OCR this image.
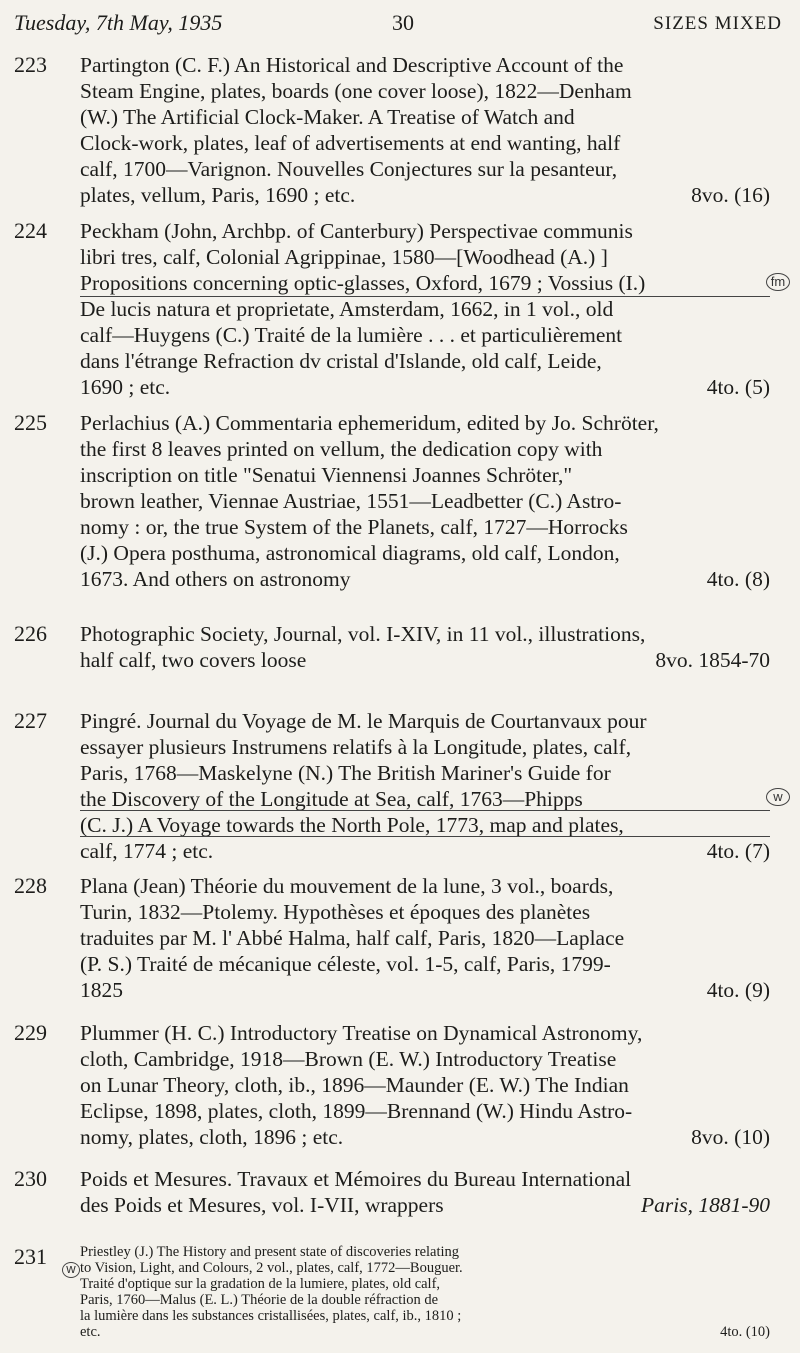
Tuesday, 7th May, 1935	30	SIZES MIXED
223 Partington (C. F.) An Historical and Descriptive Account of the
Steam Engine, plates, boards (one cover loose), 1822—Denham
(W.) The Artificial Clock-Maker. A Treatise of Watch and
Clock-work, plates, leaf of advertisements at end wanting, half
calf, 1700—Varignon. Nouvelles Conjectures sur la pesanteur,
plates, vellum, Paris, 1690 ; etc.	8vo. (16)
224 Peckham (John, Archbp. of Canterbury) Perspectivae communis
libri tres, calf, Colonial Agrippinae, 1580—[Woodhead (A.) ]
Propositions concerning optic-glasses, Oxford, 1679 ; Vossius (I.)
De lucis natura et proprietate, Amsterdam, 1662, in 1 vol., old
calf—Huygens (C.) Traité de la lumière . . . et particulièrement
dans l'étrange Refraction dv cristal d'Islande, old calf, Leide,
1690 ; etc.	4to. (5)
fm
225 Perlachius (A.) Commentaria ephemeridum, edited by Jo. Schröter,
the first 8 leaves printed on vellum, the dedication copy with
inscription on title "Senatui Viennensi Joannes Schröter,"
brown leather, Viennae Austriae, 1551—Leadbetter (C.) Astro-
nomy : or, the true System of the Planets, calf, 1727—Horrocks
(J.) Opera posthuma, astronomical diagrams, old calf, London,
1673. And others on astronomy	4to. (8)
226 Photographic Society, Journal, vol. I-XIV, in 11 vol., illustrations,
half calf, two covers loose	8vo. 1854-70
227 Pingré. Journal du Voyage de M. le Marquis de Courtanvaux pour
essayer plusieurs Instrumens relatifs à la Longitude, plates, calf,
Paris, 1768—Maskelyne (N.) The British Mariner's Guide for
the Discovery of the Longitude at Sea, calf, 1763—Phipps
(C. J.) A Voyage towards the North Pole, 1773, map and plates,
calf, 1774 ; etc.	4to. (7)
w
228 Plana (Jean) Théorie du mouvement de la lune, 3 vol., boards,
Turin, 1832—Ptolemy. Hypothèses et époques des planètes
traduites par M. l' Abbé Halma, half calf, Paris, 1820—Laplace
(P. S.) Traité de mécanique céleste, vol. 1-5, calf, Paris, 1799-
1825	4to. (9)
229 Plummer (H. C.) Introductory Treatise on Dynamical Astronomy,
cloth, Cambridge, 1918—Brown (E. W.) Introductory Treatise
on Lunar Theory, cloth, ib., 1896—Maunder (E. W.) The Indian
Eclipse, 1898, plates, cloth, 1899—Brennand (W.) Hindu Astro-
nomy, plates, cloth, 1896 ; etc.	8vo. (10)
230 Poids et Mesures. Travaux et Mémoires du Bureau International
des Poids et Mesures, vol. I-VII, wrappers	Paris, 1881-90
231 Priestley (J.) The History and present state of discoveries relating
to Vision, Light, and Colours, 2 vol., plates, calf, 1772—Bouguer.
Traité d'optique sur la gradation de la lumiere, plates, old calf,
Paris, 1760—Malus (E. L.) Théorie de la double réfraction de
la lumière dans les substances cristallisées, plates, calf, ib., 1810 ;
etc.	4to. (10)
w
